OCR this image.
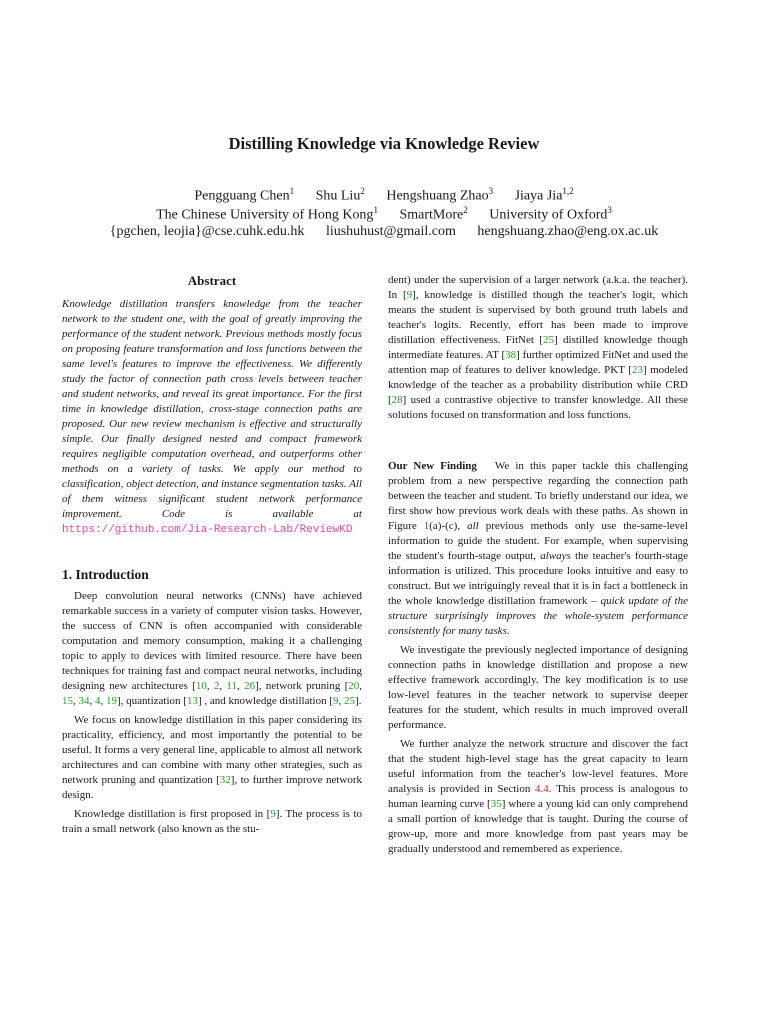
Distilling Knowledge via Knowledge Review
Pengguang Chen$^1$ Shu Liu$^2$ Hengshuang Zhao$^3$ Jiaya Jia$^{1,2}$
The Chinese University of Hong Kong$^1$ SmartMore$^2$ University of Oxford$^3$
{pgchen, leojia}@cse.cuhk.edu.hk liushuhust@gmail.com hengshuang.zhao@eng.ox.ac.uk
Abstract

Knowledge distillation transfers knowledge from the teacher network to the student one, with the goal of greatly improving the performance of the student network. Previous methods mostly focus on proposing feature transformation and loss functions between the same level's features to improve the effectiveness. We differently study the factor of connection path cross levels between teacher and student networks, and reveal its great importance. For the first time in knowledge distillation, cross-stage connection paths are proposed. Our new review mechanism is effective and structurally simple. Our finally designed nested and compact framework requires negligible computation overhead, and outperforms other methods on a variety of tasks. We apply our method to classification, object detection, and instance segmentation tasks. All of them witness significant student network performance improvement. Code is available at https://github.com/Jia-Research-Lab/ReviewKD

1. Introduction

Deep convolution neural networks (CNNs) have achieved remarkable success in a variety of computer vision tasks. However, the success of CNN is often accompanied with considerable computation and memory consumption, making it a challenging topic to apply to devices with limited resource. There have been techniques for training fast and compact neural networks, including designing new architectures [10, 2, 11, 26], network pruning [20, 15, 34, 4, 19], quantization [13] , and knowledge distillation [9, 25].

We focus on knowledge distillation in this paper considering its practicality, efficiency, and most importantly the potential to be useful. It forms a very general line, applicable to almost all network architectures and can combine with many other strategies, such as network pruning and quantization [32], to further improve network design.

Knowledge distillation is first proposed in [9]. The process is to train a small network (also known as the stu-

dent) under the supervision of a larger network (a.k.a. the teacher). In [9], knowledge is distilled though the teacher's logit, which means the student is supervised by both ground truth labels and teacher's logits. Recently, effort has been made to improve distillation effectiveness. FitNet [25] distilled knowledge though intermediate features. AT [38] further optimized FitNet and used the attention map of features to deliver knowledge. PKT [23] modeled knowledge of the teacher as a probability distribution while CRD [28] used a contrastive objective to transfer knowledge. All these solutions focused on transformation and loss functions.

Our New Finding We in this paper tackle this challenging problem from a new perspective regarding the connection path between the teacher and student. To briefly understand our idea, we first show how previous work deals with these paths. As shown in Figure 1(a)-(c), all previous methods only use the-same-level information to guide the student. For example, when supervising the student's fourth-stage output, always the teacher's fourth-stage information is utilized. This procedure looks intuitive and easy to construct. But we intriguingly reveal that it is in fact a bottleneck in the whole knowledge distillation framework – quick update of the structure surprisingly improves the whole-system performance consistently for many tasks.

We investigate the previously neglected importance of designing connection paths in knowledge distillation and propose a new effective framework accordingly. The key modification is to use low-level features in the teacher network to supervise deeper features for the student, which results in much improved overall performance.

We further analyze the network structure and discover the fact that the student high-level stage has the great capacity to learn useful information from the teacher's low-level features. More analysis is provided in Section 4.4. This process is analogous to human learning curve [35] where a young kid can only comprehend a small portion of knowledge that is taught. During the course of grow-up, more and more knowledge from past years may be gradually understood and remembered as experience.
